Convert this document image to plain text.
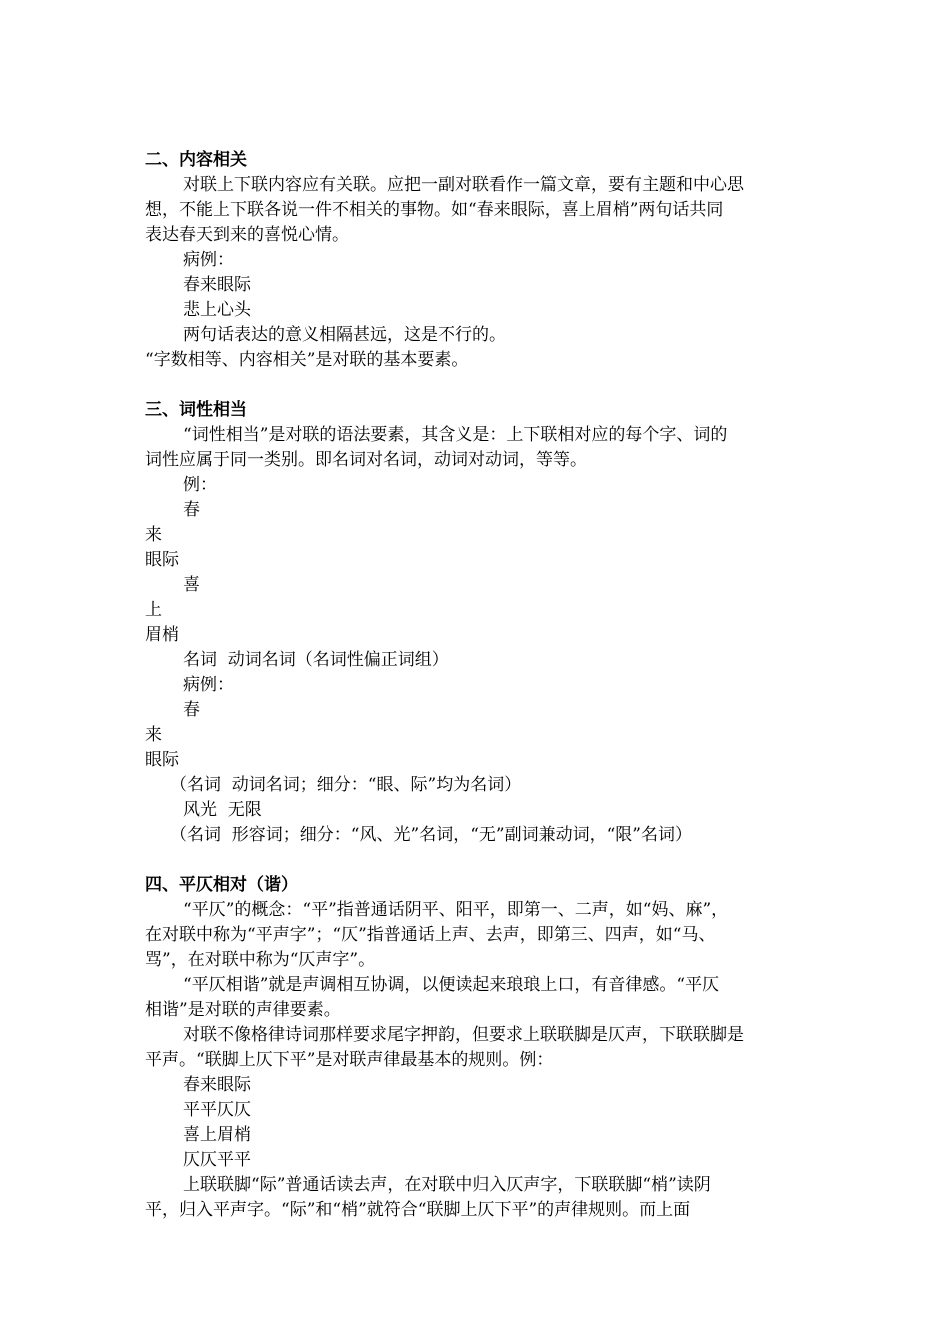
二、内容相关
对联上下联内容应有关联。应把一副对联看作一篇文章，要有主题和中心思
想，不能上下联各说一件不相关的事物。如“春来眼际，喜上眉梢”两句话共同
表达春天到来的喜悦心情。
病例：
春来眼际
悲上心头
两句话表达的意义相隔甚远，这是不行的。
“字数相等、内容相关”是对联的基本要素。
三、词性相当
“词性相当”是对联的语法要素，其含义是：上下联相对应的每个字、词的
词性应属于同一类别。即名词对名词，动词对动词，等等。
例：
春
来
眼际
喜
上
眉梢
名词  动词名词（名词性偏正词组）
病例：
春
来
眼际
（名词  动词名词；细分：“眼、际”均为名词）
风光  无限
（名词  形容词；细分：“风、光”名词，“无”副词兼动词，“限”名词）
四、平仄相对（谐）
“平仄”的概念：“平”指普通话阴平、阳平，即第一、二声，如“妈、麻”，
在对联中称为“平声字”；“仄”指普通话上声、去声，即第三、四声，如“马、
骂”，在对联中称为“仄声字”。
“平仄相谐”就是声调相互协调，以便读起来琅琅上口，有音律感。“平仄
相谐”是对联的声律要素。
对联不像格律诗词那样要求尾字押韵，但要求上联联脚是仄声，下联联脚是
平声。“联脚上仄下平”是对联声律最基本的规则。例：
春来眼际
平平仄仄
喜上眉梢
仄仄平平
上联联脚“际”普通话读去声，在对联中归入仄声字，下联联脚“梢”读阴
平，归入平声字。“际”和“梢”就符合“联脚上仄下平”的声律规则。而上面
